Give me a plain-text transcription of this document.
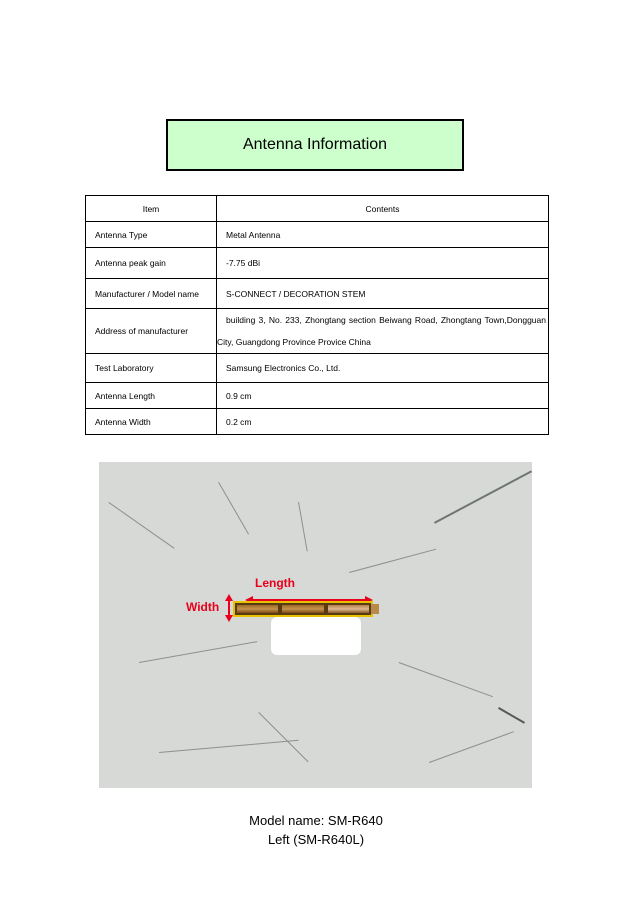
Antenna Information
Item	Contents
Antenna Type	Metal Antenna
Antenna peak gain	-7.75 dBi
Manufacturer / Model name	S-CONNECT / DECORATION STEM
Address of manufacturer	building 3, No. 233, Zhongtang section Beiwang Road, Zhongtang Town,Dongguan
City, Guangdong Province Provice China

Test Laboratory	Samsung Electronics Co., Ltd.
Antenna Length	0.9 cm
Antenna Width	0.2 cm
Length
Width
Model name: SM-R640
Left (SM-R640L)
